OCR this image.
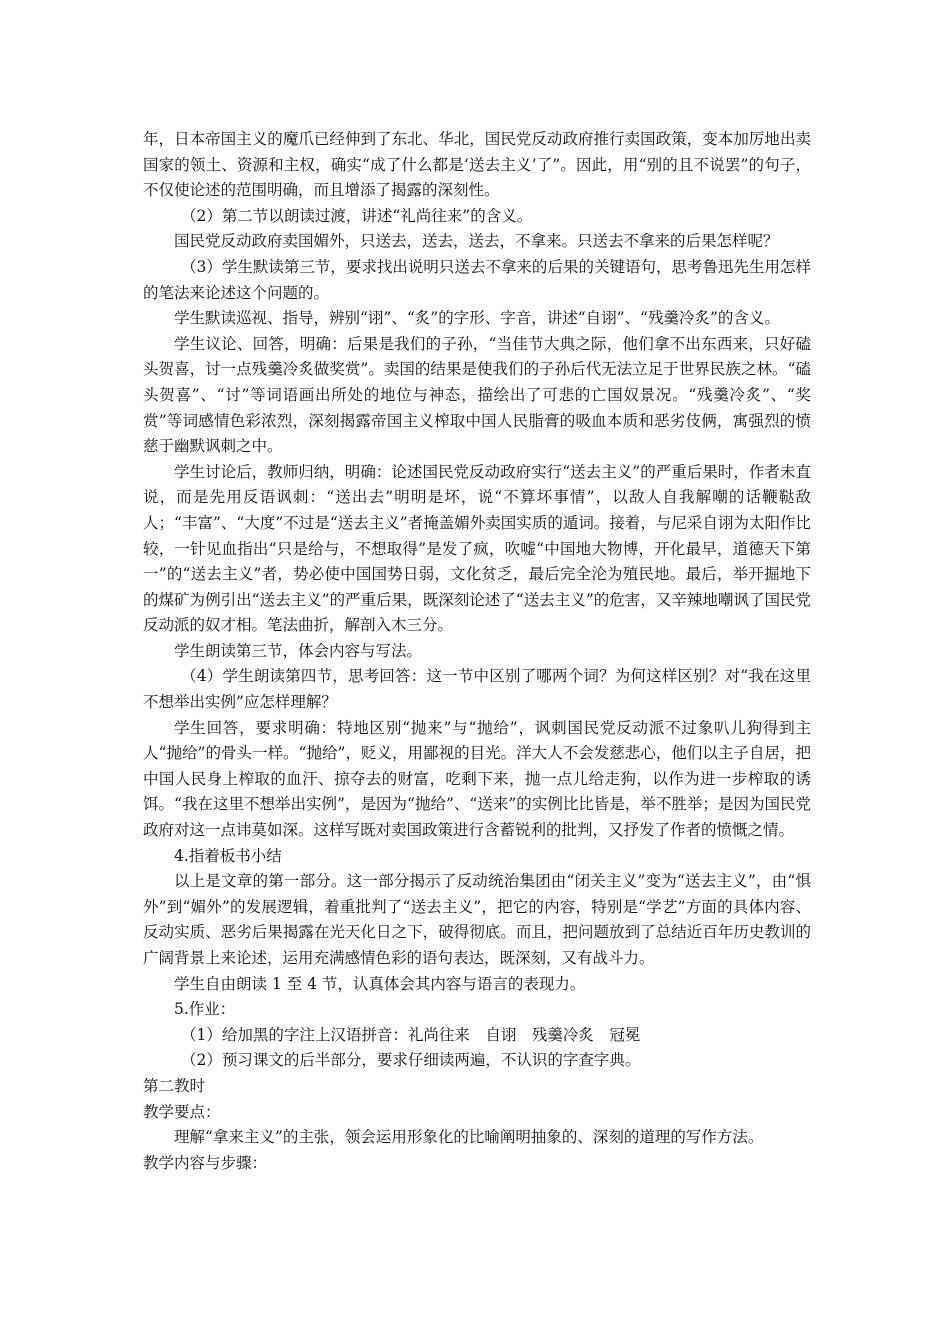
年，日本帝国主义的魔爪已经伸到了东北、华北，国民党反动政府推行卖国政策，变本加厉地出卖国家的领土、资源和主权，确实“成了什么都是‘送去主义’了”。因此，用“别的且不说罢”的句子，不仅使论述的范围明确，而且增添了揭露的深刻性。

（2）第二节以朗读过渡，讲述“礼尚往来”的含义。

国民党反动政府卖国媚外，只送去，送去，送去，不拿来。只送去不拿来的后果怎样呢？

（3）学生默读第三节，要求找出说明只送去不拿来的后果的关键语句，思考鲁迅先生用怎样的笔法来论述这个问题的。

学生默读巡视、指导，辨别“诩”、“炙”的字形、字音，讲述“自诩”、“残羹冷炙”的含义。

学生议论、回答，明确：后果是我们的子孙，“当佳节大典之际，他们拿不出东西来，只好磕头贺喜，讨一点残羹冷炙做奖赏”。卖国的结果是使我们的子孙后代无法立足于世界民族之林。“磕头贺喜”、“讨”等词语画出所处的地位与神态，描绘出了可悲的亡国奴景况。“残羹冷炙”、“奖赏”等词感情色彩浓烈，深刻揭露帝国主义榨取中国人民脂膏的吸血本质和恶劣伎俩，寓强烈的愤慈于幽默讽刺之中。

学生讨论后，教师归纳，明确：论述国民党反动政府实行“送去主义”的严重后果时，作者未直说，而是先用反语讽刺：“送出去”明明是坏，说“不算坏事情”，以敌人自我解嘲的话鞭鞑敌人；“丰富”、“大度”不过是“送去主义”者掩盖媚外卖国实质的遁词。接着，与尼采自诩为太阳作比较，一针见血指出“只是给与，不想取得”是发了疯，吹嘘“中国地大物博，开化最早，道德天下第一”的“送去主义”者，势必使中国国势日弱，文化贫乏，最后完全沦为殖民地。最后，举开掘地下的煤矿为例引出“送去主义”的严重后果，既深刻论述了“送去主义”的危害，又辛辣地嘲讽了国民党反动派的奴才相。笔法曲折，解剖入木三分。

学生朗读第三节，体会内容与写法。

（4）学生朗读第四节，思考回答：这一节中区别了哪两个词？为何这样区别？对“我在这里不想举出实例”应怎样理解？

学生回答，要求明确：特地区别“抛来”与“抛给”，讽刺国民党反动派不过象叭儿狗得到主人“抛给”的骨头一样。“抛给”，贬义，用鄙视的目光。洋大人不会发慈悲心，他们以主子自居，把中国人民身上榨取的血汗、掠夺去的财富，吃剩下来，抛一点儿给走狗，以作为进一步榨取的诱饵。“我在这里不想举出实例”，是因为“抛给”、“送来”的实例比比皆是，举不胜举；是因为国民党政府对这一点讳莫如深。这样写既对卖国政策进行含蓄锐利的批判，又抒发了作者的愤慨之情。

4.指着板书小结

以上是文章的第一部分。这一部分揭示了反动统治集团由“闭关主义”变为“送去主义”，由“惧外”到“媚外”的发展逻辑，着重批判了“送去主义”，把它的内容，特别是“学艺”方面的具体内容、反动实质、恶劣后果揭露在光天化日之下，破得彻底。而且，把问题放到了总结近百年历史教训的广阔背景上来论述，运用充满感情色彩的语句表达，既深刻，又有战斗力。

学生自由朗读 1 至 4 节，认真体会其内容与语言的表现力。

5.作业：

（1）给加黑的字注上汉语拼音：礼尚往来　自诩　残羹冷炙　冠冕

（2）预习课文的后半部分，要求仔细读两遍，不认识的字查字典。

第二教时

教学要点：

理解“拿来主义”的主张，领会运用形象化的比喻阐明抽象的、深刻的道理的写作方法。

教学内容与步骤：
